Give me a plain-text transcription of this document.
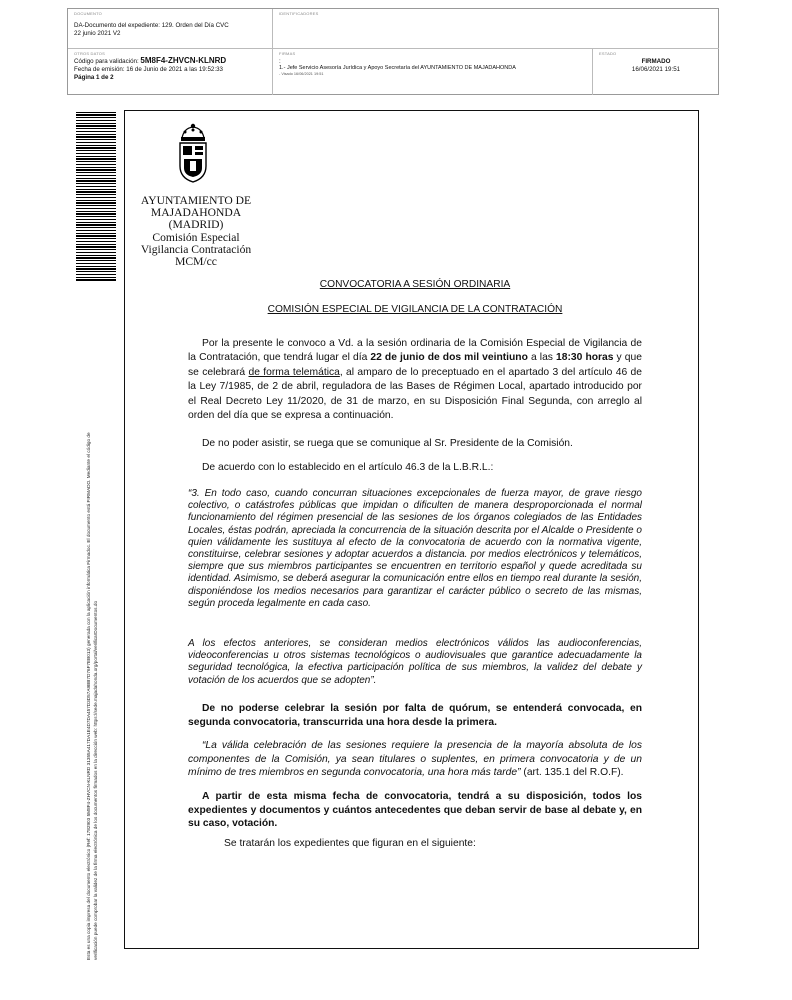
DOCUMENTO
DA-Documento del expediente: 129. Orden del Día CVC 22 junio 2021 V2
IDENTIFICADORES
OTROS DATOS
Código para validación: 5M8F4-ZHVCN-KLNRD
Fecha de emisión: 16 de Junio de 2021 a las 19:52:33
Página 1 de 2
FIRMAS
:
1.- Jefe Servicio Asesoría Jurídica y Apoyo Secretaría del AYUNTAMIENTO DE MAJADAHONDA
- Visado 16/06/2021 19:51
ESTADO
FIRMADO
16/06/2021 19:51
Esta es una copia impresa del documento electrónico (Ref: 1782903 5M8F4-ZHVCN-KLNRD 31355A417DA1E4D7DA457D3D57A9BB7D76F7EB013) generada con la aplicación informática Firmadoc. El documento está FIRMADO. Mediante el código de verificación puede comprobar la validez de la firma electrónica de los documentos firmados en la dirección web: https://sede.majadahonda.org/portal/verificarDocumentos.do
AYUNTAMIENTO DE
MAJADAHONDA
(MADRID)
Comisión Especial
Vigilancia Contratación
MCM/cc
CONVOCATORIA A SESIÓN ORDINARIA
COMISIÓN ESPECIAL DE VIGILANCIA DE LA CONTRATACIÓN
Por la presente le convoco a Vd. a la sesión ordinaria de la Comisión Especial de Vigilancia de la Contratación, que tendrá lugar el día 22 de junio de dos mil veintiuno a las 18:30 horas y que se celebrará de forma telemática, al amparo de lo preceptuado en el apartado 3 del artículo 46 de la Ley 7/1985, de 2 de abril, reguladora de las Bases de Régimen Local, apartado introducido por el Real Decreto Ley 11/2020, de 31 de marzo, en su Disposición Final Segunda, con arreglo al orden del día que se expresa a continuación.
De no poder asistir, se ruega que se comunique al Sr. Presidente de la Comisión.
De acuerdo con lo establecido en el artículo 46.3 de la L.B.R.L.:
“3. En todo caso, cuando concurran situaciones excepcionales de fuerza mayor, de grave riesgo colectivo, o catástrofes públicas que impidan o dificulten de manera desproporcionada el normal funcionamiento del régimen presencial de las sesiones de los órganos colegiados de las Entidades Locales, éstas podrán, apreciada la concurrencia de la situación descrita por el Alcalde o Presidente o quien válidamente les sustituya al efecto de la convocatoria de acuerdo con la normativa vigente, constituirse, celebrar sesiones y adoptar acuerdos a distancia. por medios electrónicos y telemáticos, siempre que sus miembros participantes se encuentren en territorio español y quede acreditada su identidad. Asimismo, se deberá asegurar la comunicación entre ellos en tiempo real durante la sesión, disponiéndose los medios necesarios para garantizar el carácter público o secreto de las mismas, según proceda legalmente en cada caso.
A los efectos anteriores, se consideran medios electrónicos válidos las audioconferencias, videoconferencias u otros sistemas tecnológicos o audiovisuales que garantice adecuadamente la seguridad tecnológica, la efectiva participación política de sus miembros, la validez del debate y votación de los acuerdos que se adopten”.
De no poderse celebrar la sesión por falta de quórum, se entenderá convocada, en segunda convocatoria, transcurrida una hora desde la primera.
“La válida celebración de las sesiones requiere la presencia de la mayoría absoluta de los componentes de la Comisión, ya sean titulares o suplentes, en primera convocatoria y de un mínimo de tres miembros en segunda convocatoria, una hora más tarde” (art. 135.1 del R.O.F).
A partir de esta misma fecha de convocatoria, tendrá a su disposición, todos los expedientes y documentos y cuántos antecedentes que deban servir de base al debate y, en su caso, votación.
Se tratarán los expedientes que figuran en el siguiente:
